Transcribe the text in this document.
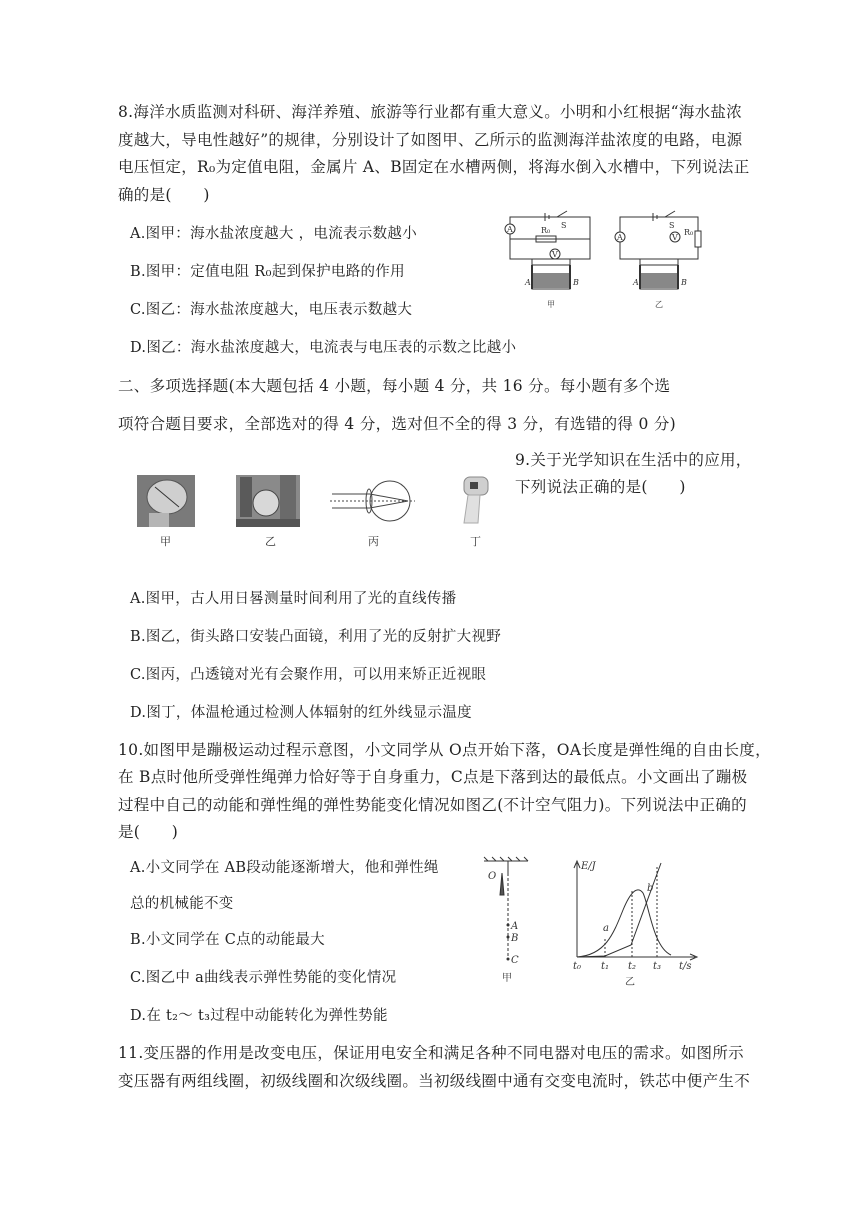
8.海洋水质监测对科研、海洋养殖、旅游等行业都有重大意义。小明和小红根据“海水盐浓
度越大，导电性越好”的规律，分别设计了如图甲、乙所示的监测海洋盐浓度的电路，电源
电压恒定，R₀为定值电阻，金属片 A、B固定在水槽两侧，将海水倒入水槽中，下列说法正
确的是(　　)
A.图甲：海水盐浓度越大 ，电流表示数越小
B.图甲：定值电阻 R₀起到保护电路的作用
C.图乙：海水盐浓度越大，电压表示数越大
D.图乙：海水盐浓度越大，电流表与电压表的示数之比越小
A
V
S
R₀
A	B
甲
A	V
S
R₀
A	B
乙
二、多项选择题(本大题包括 4 小题，每小题 4 分，共 16 分。每小题有多个选
项符合题目要求，全部选对的得 4 分，选对但不全的得 3 分，有选错的得 0 分)
9.关于光学知识在生活中的应用，
下列说法正确的是(　　)
甲	乙	丙	丁
A.图甲，古人用日晷测量时间利用了光的直线传播
B.图乙，街头路口安装凸面镜，利用了光的反射扩大视野
C.图丙，凸透镜对光有会聚作用，可以用来矫正近视眼
D.图丁，体温枪通过检测人体辐射的红外线显示温度
10.如图甲是蹦极运动过程示意图，小文同学从 O点开始下落，OA长度是弹性绳的自由长度，
在 B点时他所受弹性绳弹力恰好等于自身重力，C点是下落到达的最低点。小文画出了蹦极
过程中自己的动能和弹性绳的弹性势能变化情况如图乙(不计空气阻力)。下列说法中正确的
是(　　)
A.小文同学在 AB段动能逐渐增大，他和弹性绳
总的机械能不变
B.小文同学在 C点的动能最大
C.图乙中 a曲线表示弹性势能的变化情况
D.在 t₂～ t₃过程中动能转化为弹性势能
O
A
B
C
甲
E/J
t/s
a
b
t₀ t₁ t₂ t₃
乙
11.变压器的作用是改变电压，保证用电安全和满足各种不同电器对电压的需求。如图所示
变压器有两组线圈，初级线圈和次级线圈。当初级线圈中通有交变电流时，铁芯中便产生不
